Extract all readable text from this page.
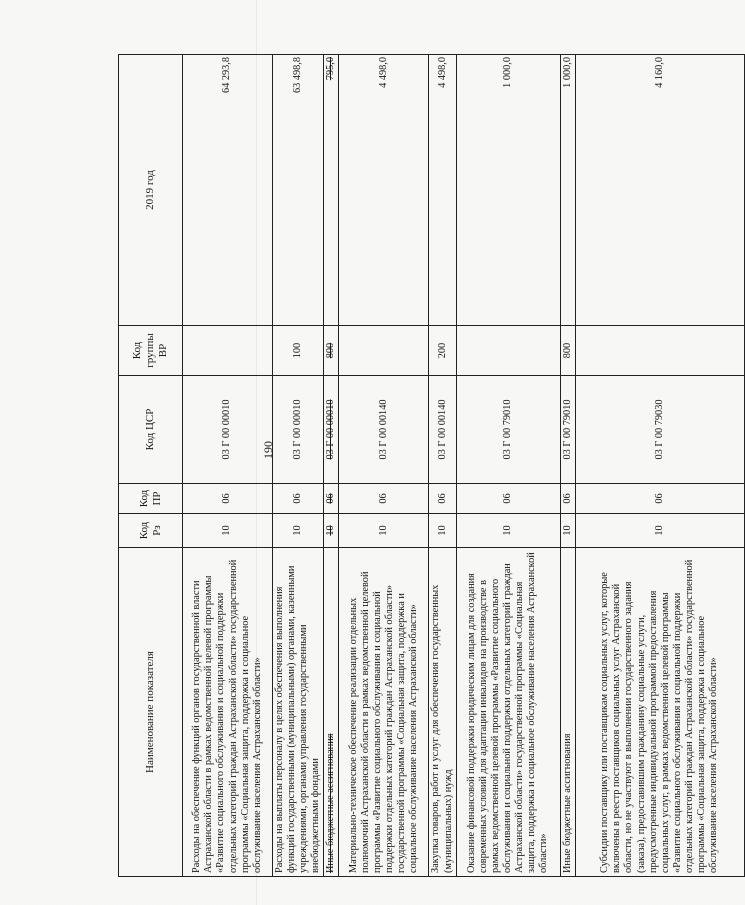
190
Наименование показателя	Код Рз	Код ПР	Код ЦСР	Код группы ВР	2019 год
Расходы на обеспечение функций органов государственной власти Астраханской области в рамках ведомственной целевой программы «Развитие социального обслуживания и социальной поддержки отдельных категорий граждан Астраханской области» государственной программы «Социальная защита, поддержка и социальное обслуживание населения Астраханской области»	10	06	03 Г 00 00010		64 293,8
Расходы на выплаты персоналу в целях обеспечения выполнения функций государственными (муниципальными) органами, казенными учреждениями, органами управления государственными внебюджетными фондами	10	06	03 Г 00 00010	100	63 498,8
Иные бюджетные ассигнования	10	06	03 Г 00 00010	800	795,0
Материально-техническое обеспечение реализации отдельных полномочий Астраханской области в рамках ведомственной целевой программы «Развитие социального обслуживания и социальной поддержки отдельных категорий граждан Астраханской области» государственной программы «Социальная защита, поддержка и социальное обслуживание населения Астраханской области»	10	06	03 Г 00 00140		4 498,0
Закупка товаров, работ и услуг для обеспечения государственных (муниципальных) нужд	10	06	03 Г 00 00140	200	4 498,0
Оказание финансовой поддержки юридическим лицам для создания современных условий для адаптации инвалидов на производстве в рамках ведомственной целевой программы «Развитие социального обслуживания и социальной поддержки отдельных категорий граждан Астраханской области» государственной программы «Социальная защита, поддержка и социальное обслуживание населения Астраханской области»	10	06	03 Г 00 79010		1 000,0
Иные бюджетные ассигнования	10	06	03 Г 00 79010	800	1 000,0
Субсидии поставщику или поставщикам социальных услуг, которые включены в реестр поставщиков социальных услуг Астраханской области, но не участвуют в выполнении государственного задания (заказа), предоставившим гражданину социальные услуги, предусмотренные индивидуальной программой предоставления социальных услуг, в рамках ведомственной целевой программы «Развитие социального обслуживания и социальной поддержки отдельных категорий граждан Астраханской области» государственной программы «Социальная защита, поддержка и социальное обслуживание населения Астраханской области»	10	06	03 Г 00 79030		4 160,0
